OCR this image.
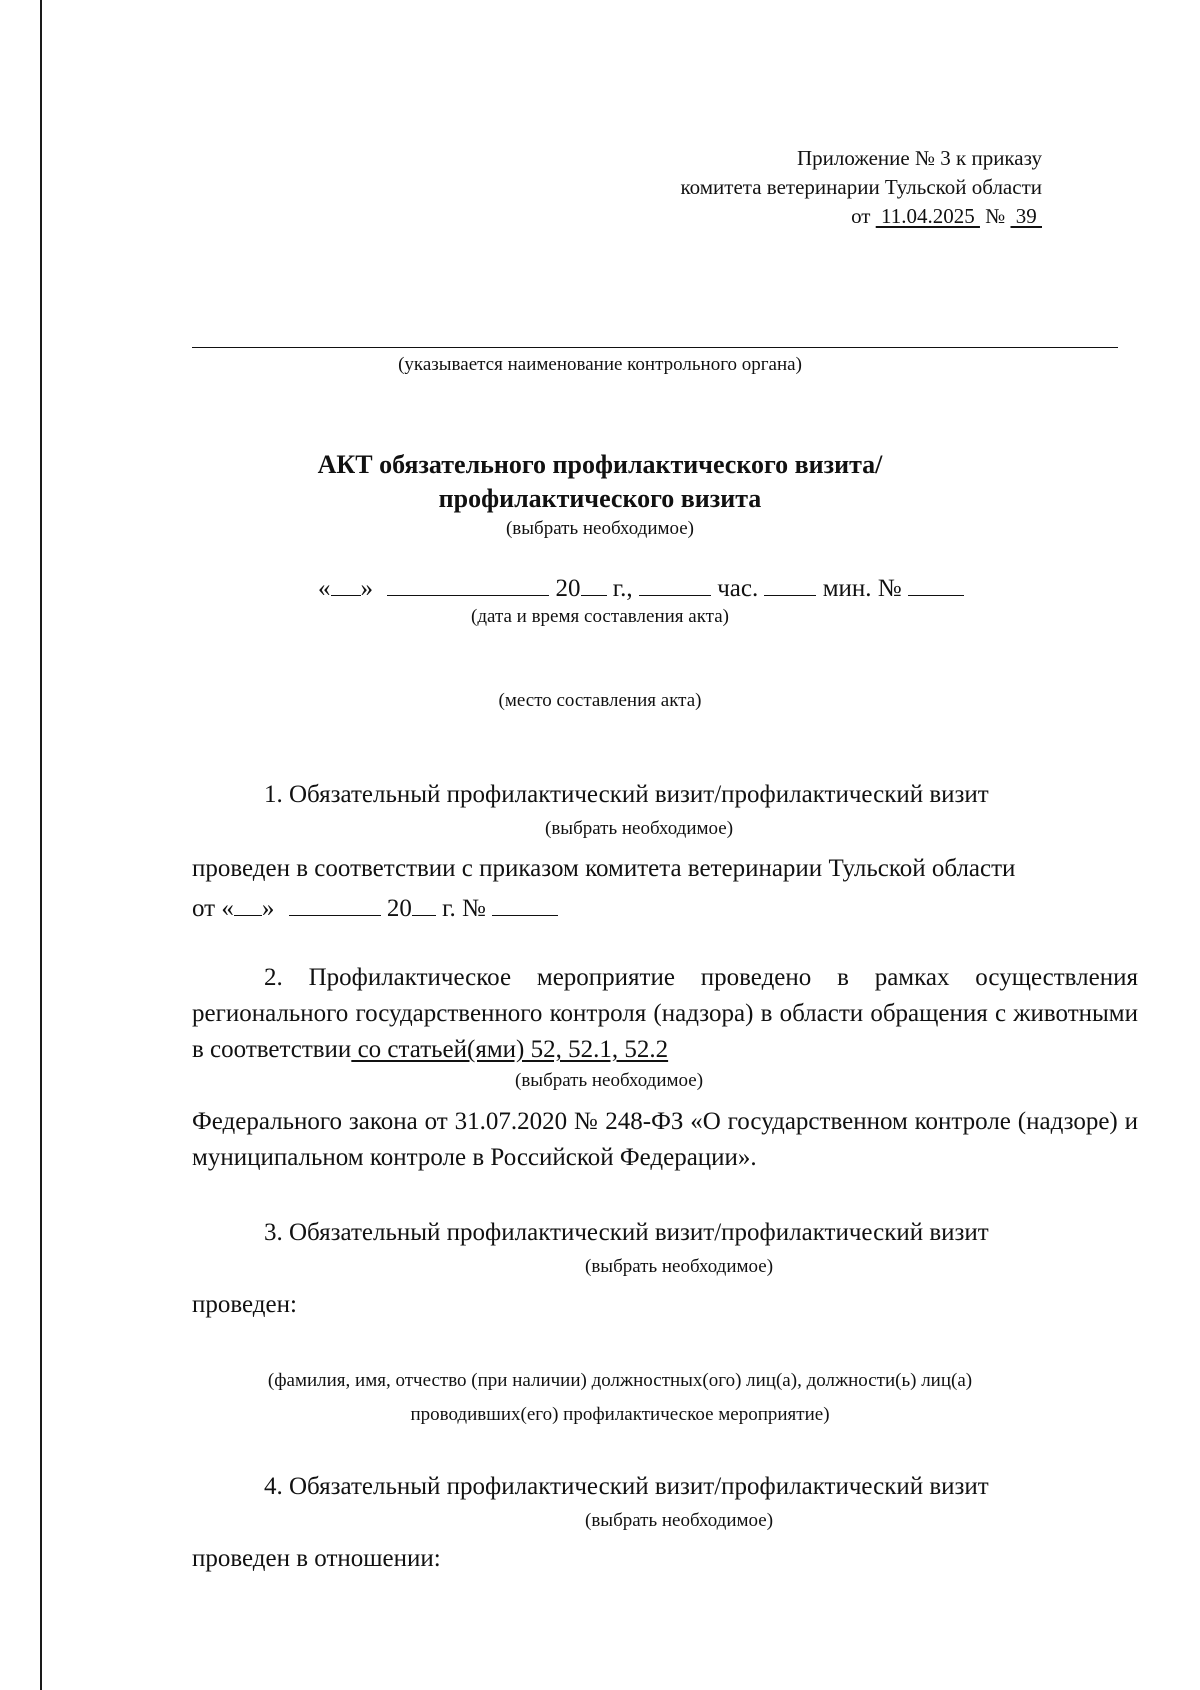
Приложение № 3 к приказу
комитета ветеринарии Тульской области
от  11.04.2025  №  39
(указывается наименование контрольного органа)
АКТ обязательного профилактического визита/
профилактического визита
(выбрать необходимое)
« »	20 г.,	час.	мин. №
(дата и время составления акта)
(место составления акта)
1. Обязательный профилактический визит/профилактический визит
(выбрать необходимое)
проведен в соответствии с приказом комитета ветеринарии Тульской области
от « »	20 г. №
2. Профилактическое мероприятие проведено в рамках осуществления регионального государственного контроля (надзора) в области обращения с животными в соответствии со статьей(ями) 52, 52.1, 52.2
(выбрать необходимое)
Федерального закона от 31.07.2020 № 248-ФЗ «О государственном контроле (надзоре) и муниципальном контроле в Российской Федерации».
3. Обязательный профилактический визит/профилактический визит
(выбрать необходимое)
проведен:
(фамилия, имя, отчество (при наличии) должностных(ого) лиц(а), должности(ь) лиц(а)
проводивших(его) профилактическое мероприятие)
4. Обязательный профилактический визит/профилактический визит
(выбрать необходимое)
проведен в отношении:
